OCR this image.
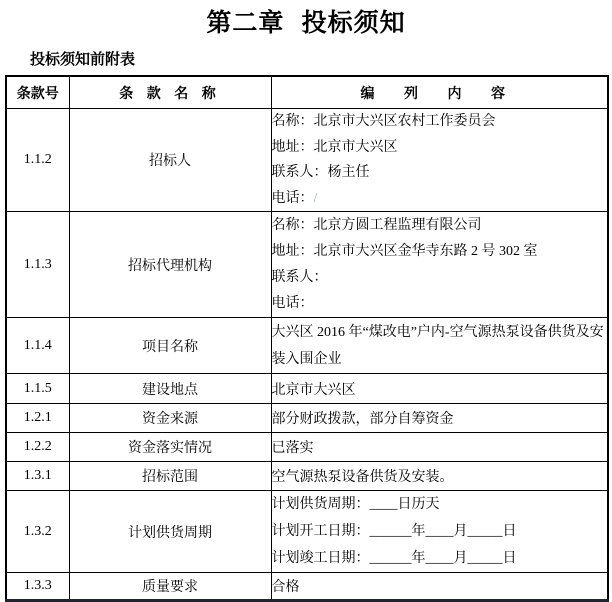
第二章 投标须知
投标须知前附表
条款号	条 款 名 称	编 列 内 容
1.1.2	招标人	名称：北京市大兴区农村工作委员会
地址：北京市大兴区
联系人：杨主任
电话：/

1.1.3	招标代理机构	名称：北京方圆工程监理有限公司
地址：北京市大兴区金华寺东路 2 号 302 室
联系人：
电话：

1.1.4	项目名称	大兴区 2016 年“煤改电”户内-空气源热泵设备供货及安装入围企业
1.1.5	建设地点	北京市大兴区
1.2.1	资金来源	部分财政拨款，部分自筹资金
1.2.2	资金落实情况	已落实
1.3.1	招标范围	空气源热泵设备供货及安装。
1.3.2	计划供货周期	计划供货周期：____日历天
计划开工日期：______年____月_____日
计划竣工日期：______年____月_____日

1.3.3	质量要求	合格
